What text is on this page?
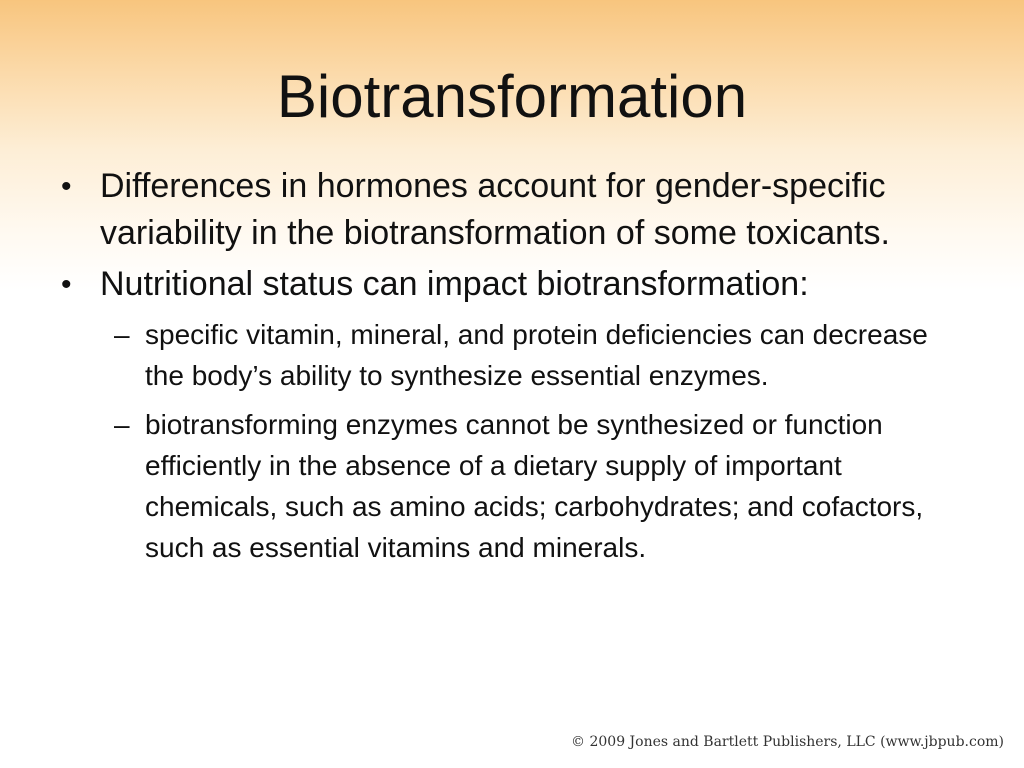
Biotransformation
• Differences in hormones account for gender-specific variability in the biotransformation of some toxicants.
• Nutritional status can impact biotransformation:
– specific vitamin, mineral, and protein deficiencies can decrease the body’s ability to synthesize essential enzymes.
– biotransforming enzymes cannot be synthesized or function efficiently in the absence of a dietary supply of important chemicals, such as amino acids; carbohydrates; and cofactors, such as essential vitamins and minerals.
© 2009 Jones and Bartlett Publishers, LLC (www.jbpub.com)
